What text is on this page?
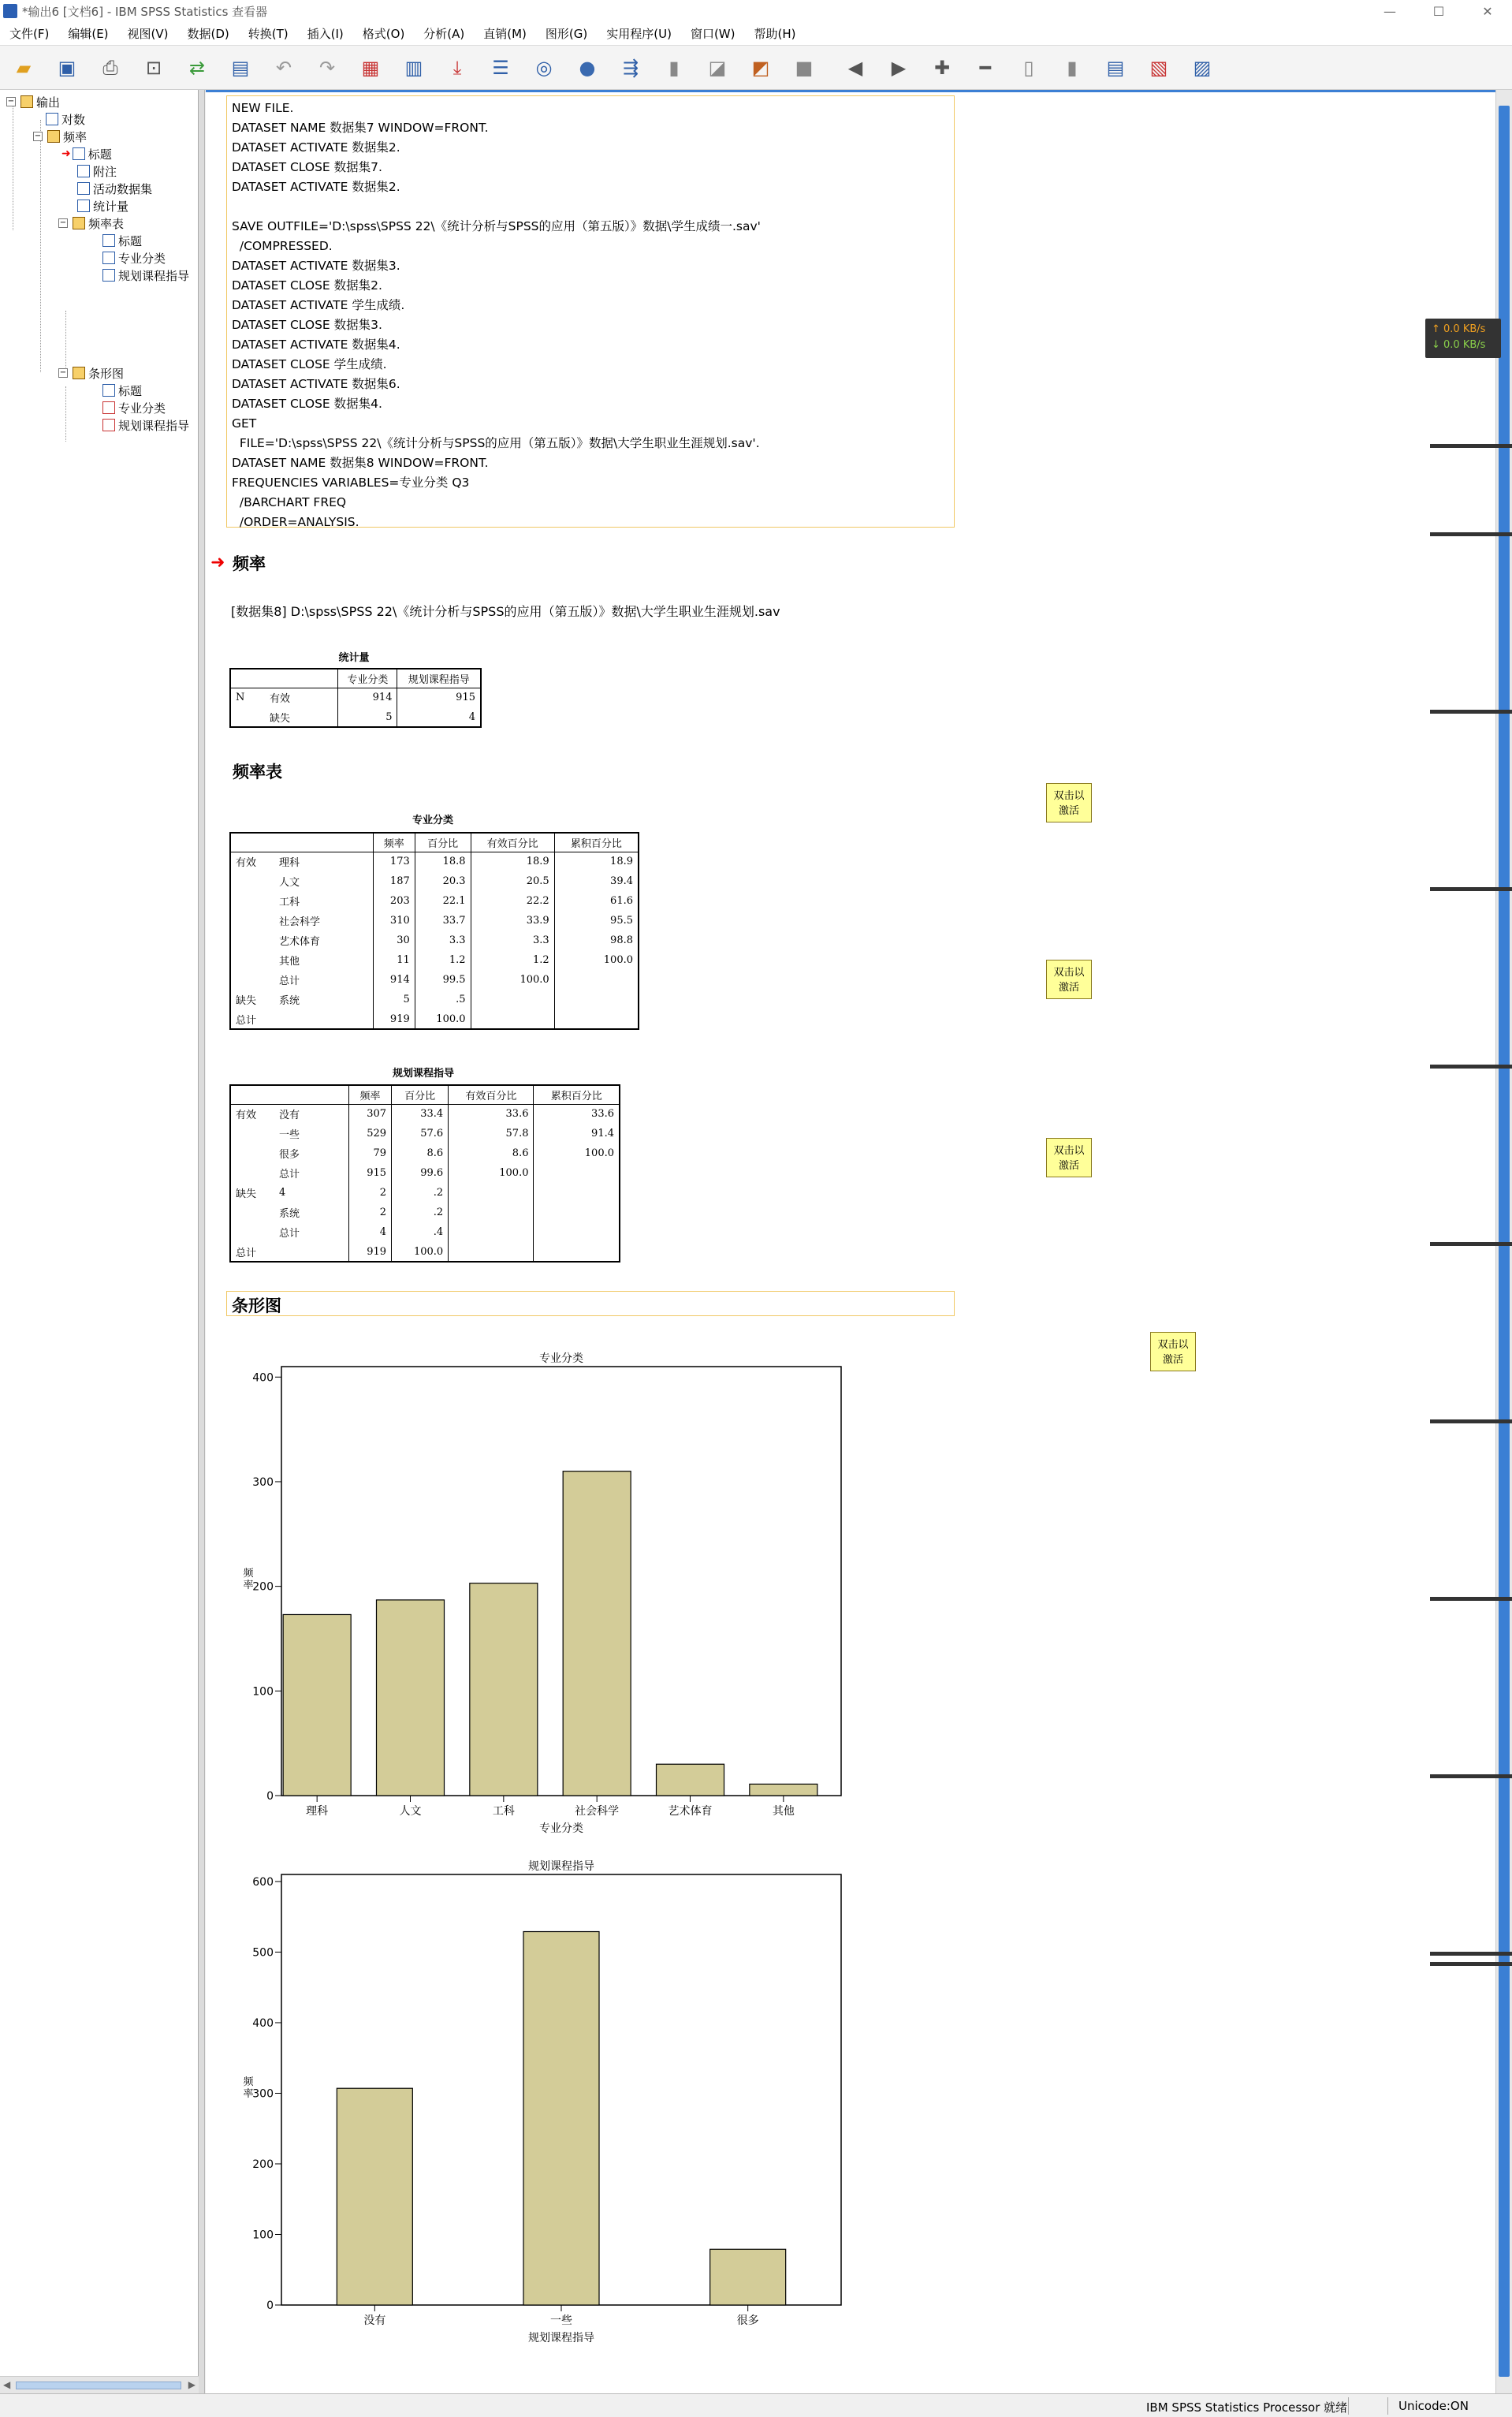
*输出6 [文档6] - IBM SPSS Statistics 查看器	—	☐	✕
文件(F)	编辑(E)	视图(V)	数据(D)	转换(T)	插入(I)	格式(O)	分析(A)	直销(M)	图形(G)	实用程序(U)	窗口(W)	帮助(H)
▰	▣	⎙	⊡	⇄	▤	↶	↷	▦	▥	⤓	☰	◎	●	⇶	▮	◪	◩	■	◀	▶	✚	━	▯	▮	▤	▧	▨
− 输出
对数
− 频率
➜ 标题
附注
活动数据集
统计量
− 频率表
标题
专业分类
规划课程指导
− 条形图
标题
专业分类
规划课程指导
◀	▶
NEW FILE.
DATASET NAME 数据集7 WINDOW=FRONT.
DATASET ACTIVATE 数据集2.
DATASET CLOSE 数据集7.
DATASET ACTIVATE 数据集2.
SAVE OUTFILE='D:\spss\SPSS 22\《统计分析与SPSS的应用（第五版）》数据\学生成绩一.sav'
/COMPRESSED.
DATASET ACTIVATE 数据集3.
DATASET CLOSE 数据集2.
DATASET ACTIVATE 学生成绩.
DATASET CLOSE 数据集3.
DATASET ACTIVATE 数据集4.
DATASET CLOSE 学生成绩.
DATASET ACTIVATE 数据集6.
DATASET CLOSE 数据集4.
GET
FILE='D:\spss\SPSS 22\《统计分析与SPSS的应用（第五版）》数据\大学生职业生涯规划.sav'.
DATASET NAME 数据集8 WINDOW=FRONT.
FREQUENCIES VARIABLES=专业分类 Q3
/BARCHART FREQ
/ORDER=ANALYSIS.
➜ 频率
[数据集8] D:\spss\SPSS 22\《统计分析与SPSS的应用（第五版）》数据\大学生职业生涯规划.sav
统计量
		专业分类	规划课程指导
N	有效	914	915
	缺失	5	4
频率表
双击以
激活
专业分类
		频率	百分比	有效百分比	累积百分比
有效	理科	173	18.8	18.9	18.9
	人文	187	20.3	20.5	39.4
	工科	203	22.1	22.2	61.6
	社会科学	310	33.7	33.9	95.5
	艺术体育	30	3.3	3.3	98.8
	其他	11	1.2	1.2	100.0
	总计	914	99.5	100.0	
缺失	系统	5	.5		
总计		919	100.0		
双击以
激活
规划课程指导
		频率	百分比	有效百分比	累积百分比
有效	没有	307	33.4	33.6	33.6
	一些	529	57.6	57.8	91.4
	很多	79	8.6	8.6	100.0
	总计	915	99.6	100.0	
缺失	4	2	.2		
	系统	2	.2		
	总计	4	.4		
总计		919	100.0		
双击以
激活
条形图
双击以
激活
专业分类
0
100
200
300
400
频率
理科	人文	工科	社会科学	艺术体育	其他
专业分类
规划课程指导
0
100
200
300
400
500
600
频率
没有	一些	很多
规划课程指导
↑ 0.0 KB/s
↓ 0.0 KB/s
IBM SPSS Statistics Processor 就绪	Unicode:ON
